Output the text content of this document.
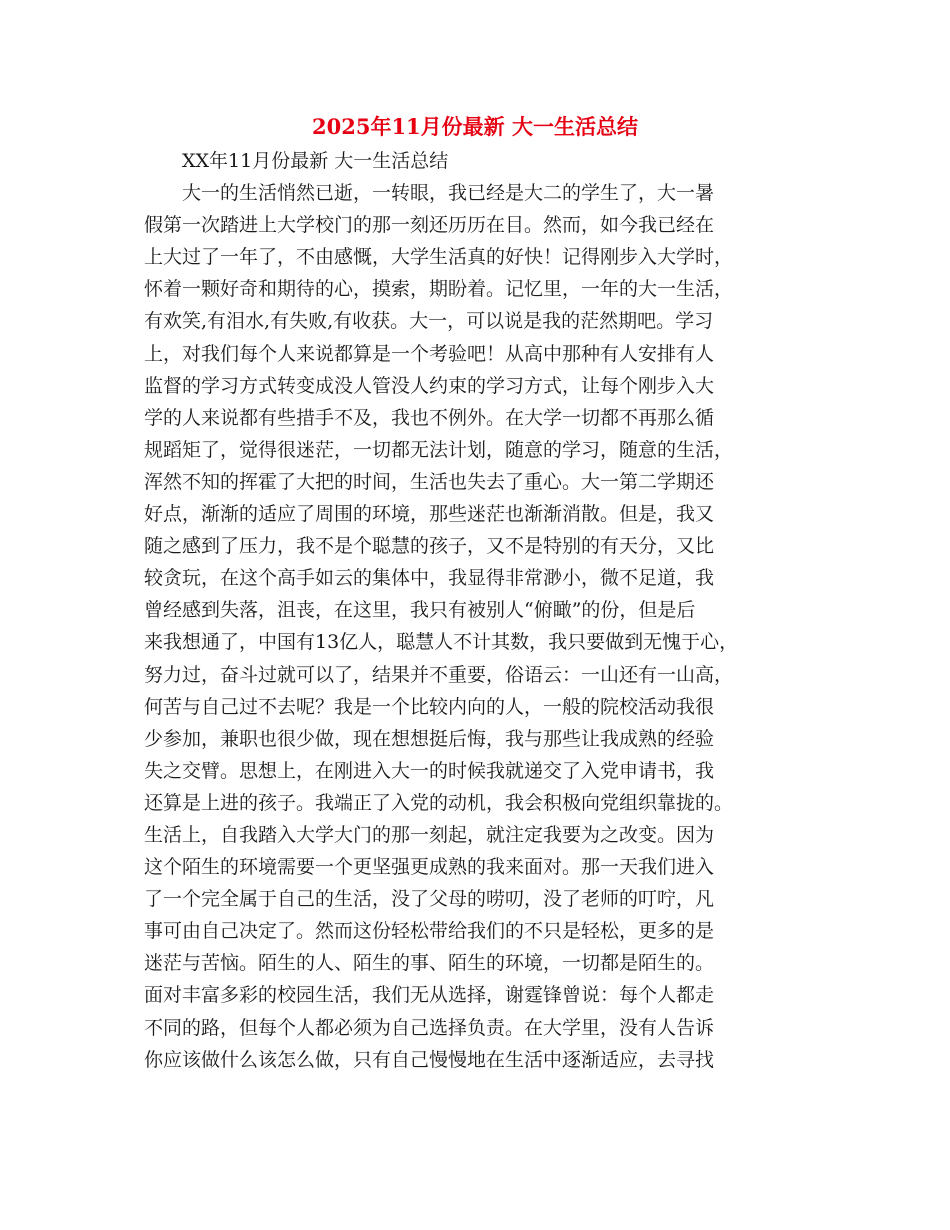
2025年11月份最新 大一生活总结
XX年11月份最新 大一生活总结
大一的生活悄然已逝，一转眼，我已经是大二的学生了，大一暑
假第一次踏进上大学校门的那一刻还历历在目。然而，如今我已经在
上大过了一年了，不由感慨，大学生活真的好快！记得刚步入大学时，
怀着一颗好奇和期待的心，摸索，期盼着。记忆里，一年的大一生活，
有欢笑,有泪水,有失败,有收获。大一，可以说是我的茫然期吧。学习
上，对我们每个人来说都算是一个考验吧！从高中那种有人安排有人
监督的学习方式转变成没人管没人约束的学习方式，让每个刚步入大
学的人来说都有些措手不及，我也不例外。在大学一切都不再那么循
规蹈矩了，觉得很迷茫，一切都无法计划，随意的学习，随意的生活，
浑然不知的挥霍了大把的时间，生活也失去了重心。大一第二学期还
好点，渐渐的适应了周围的环境，那些迷茫也渐渐消散。但是，我又
随之感到了压力，我不是个聪慧的孩子，又不是特别的有天分，又比
较贪玩，在这个高手如云的集体中，我显得非常渺小，微不足道，我
曾经感到失落，沮丧，在这里，我只有被别人“俯瞰”的份，但是后
来我想通了，中国有13亿人，聪慧人不计其数，我只要做到无愧于心，
努力过，奋斗过就可以了，结果并不重要，俗语云：一山还有一山高，
何苦与自己过不去呢？我是一个比较内向的人，一般的院校活动我很
少参加，兼职也很少做，现在想想挺后悔，我与那些让我成熟的经验
失之交臂。思想上，在刚进入大一的时候我就递交了入党申请书，我
还算是上进的孩子。我端正了入党的动机，我会积极向党组织靠拢的。
生活上，自我踏入大学大门的那一刻起，就注定我要为之改变。因为
这个陌生的环境需要一个更坚强更成熟的我来面对。那一天我们进入
了一个完全属于自己的生活，没了父母的唠叨，没了老师的叮咛，凡
事可由自己决定了。然而这份轻松带给我们的不只是轻松，更多的是
迷茫与苦恼。陌生的人、陌生的事、陌生的环境，一切都是陌生的。
面对丰富多彩的校园生活，我们无从选择，谢霆锋曾说：每个人都走
不同的路，但每个人都必须为自己选择负责。在大学里，没有人告诉
你应该做什么该怎么做，只有自己慢慢地在生活中逐渐适应，去寻找
